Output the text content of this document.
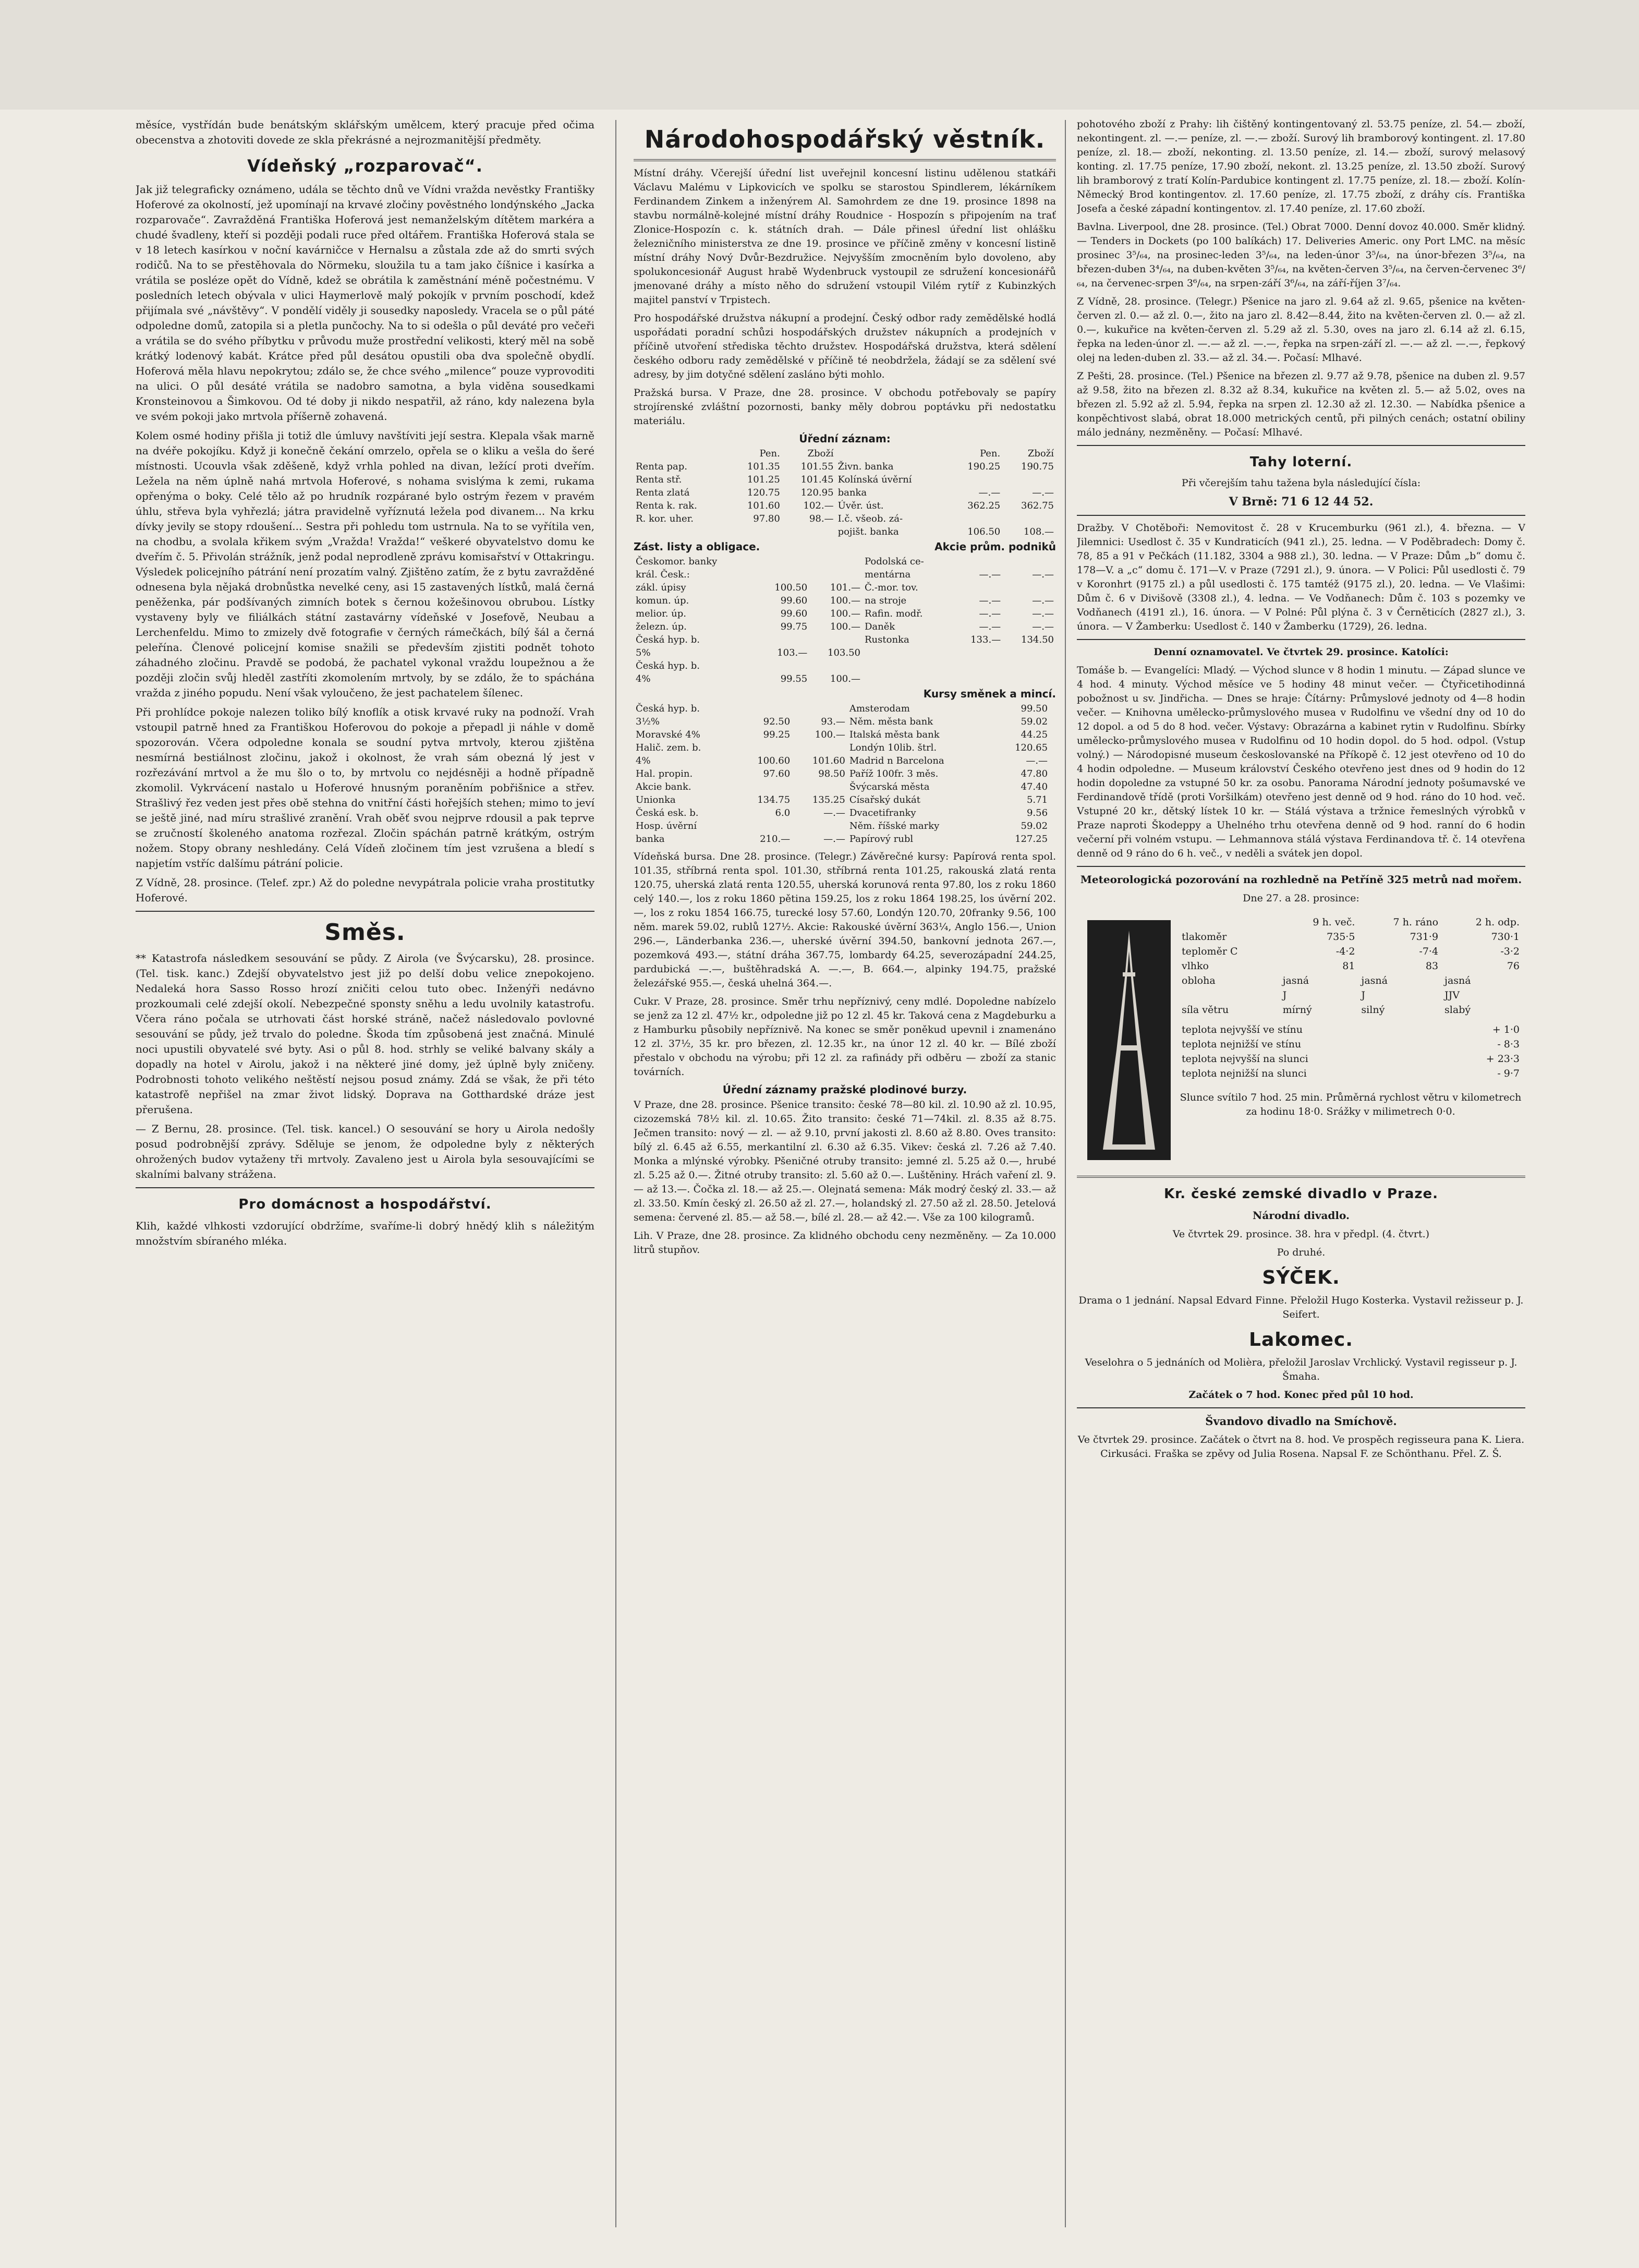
měsíce, vystřídán bude benátským sklářským umělcem, který pracuje před očima obecenstva a zhotoviti dovede ze skla překrásné a nejrozmanitější předměty.

Vídeňský „rozparovač“.

Jak již telegraficky oznámeno, udála se těchto dnů ve Vídni vražda nevěstky Františky Hoferové za okolností, jež upomínají na krvavé zločiny pověstného londýnského „Jacka rozparovače“. Zavražděná Františka Hoferová jest nemanželským dítětem markéra a chudé švadleny, kteří si později podali ruce před oltářem. Františka Hoferová stala se v 18 letech kasírkou v noční kavárničce v Hernalsu a zůstala zde až do smrti svých rodičů. Na to se přestěhovala do Nörmeku, sloužila tu a tam jako číšnice i kasírka a vrátila se posléze opět do Vídně, kdež se obrátila k zaměstnání méně počestnému. V posledních letech obývala v ulici Haymerlově malý pokojík v prvním poschodí, kdež přijímala své „návštěvy“. V pondělí viděly ji sousedky naposledy. Vracela se o půl páté odpoledne domů, zatopila si a pletla punčochy. Na to si odešla o půl deváté pro večeři a vrátila se do svého příbytku v průvodu muže prostřední velikosti, který měl na sobě krátký lodenový kabát. Krátce před půl desátou opustili oba dva společně obydlí. Hoferová měla hlavu nepokrytou; zdálo se, že chce svého „milence“ pouze vyprovoditi na ulici. O půl desáté vrátila se nadobro samotna, a byla viděna sousedkami Kronsteinovou a Šimkovou. Od té doby ji nikdo nespatřil, až ráno, kdy nalezena byla ve svém pokoji jako mrtvola příšerně zohavená.

Kolem osmé hodiny přišla ji totiž dle úmluvy navštíviti její sestra. Klepala však marně na dvéře pokojíku. Když ji konečně čekání omrzelo, opřela se o kliku a vešla do šeré místnosti. Ucouvla však zděšeně, když vrhla pohled na divan, ležící proti dveřím. Ležela na něm úplně nahá mrtvola Hoferové, s nohama svislýma k zemi, rukama opřenýma o boky. Celé tělo až po hrudník rozpárané bylo ostrým řezem v pravém úhlu, střeva byla vyhřezlá; játra pravidelně vyříznutá ležela pod divanem... Na krku dívky jevily se stopy rdoušení... Sestra při pohledu tom ustrnula. Na to se vyřítila ven, na chodbu, a svolala křikem svým „Vražda! Vražda!“ veškeré obyvatelstvo domu ke dveřím č. 5. Přivolán strážník, jenž podal neprodleně zprávu komisařství v Ottakringu. Výsledek policejního pátrání není prozatím valný. Zjištěno zatím, že z bytu zavražděné odnesena byla nějaká drobnůstka nevelké ceny, asi 15 zastavených lístků, malá černá peněženka, pár podšívaných zimních botek s černou kožešinovou obrubou. Lístky vystaveny byly ve filiálkách státní zastavárny vídeňské v Josefově, Neubau a Lerchenfeldu. Mimo to zmizely dvě fotografie v černých rámečkách, bílý šál a černá peleřína. Členové policejní komise snažili se především zjistiti podnět tohoto záhadného zločinu. Pravdě se podobá, že pachatel vykonal vraždu loupežnou a že později zločin svůj hleděl zastříti zkomolením mrtvoly, by se zdálo, že to spáchána vražda z jiného popudu. Není však vyloučeno, že jest pachatelem šílenec.

Při prohlídce pokoje nalezen toliko bílý knoflík a otisk krvavé ruky na podnoží. Vrah vstoupil patrně hned za Františkou Hoferovou do pokoje a přepadl ji náhle v domě spozorován. Včera odpoledne konala se soudní pytva mrtvoly, kterou zjištěna nesmírná bestiálnost zločinu, jakož i okolnost, že vrah sám obezná lý jest v rozřezávání mrtvol a že mu šlo o to, by mrtvolu co nejdésněji a hodně případně zkomolil. Vykrvácení nastalo u Hoferové hnusným poraněním pobřišnice a střev. Strašlivý řez veden jest přes obě stehna do vnitřní části hořejších stehen; mimo to jeví se ještě jiné, nad míru strašlivé zranění. Vrah oběť svou nejprve rdousil a pak teprve se zručností školeného anatoma rozřezal. Zločin spáchán patrně krátkým, ostrým nožem. Stopy obrany neshledány. Celá Vídeň zločinem tím jest vzrušena a bledí s napjetím vstříc dalšímu pátrání policie.

Z Vídně, 28. prosince. (Telef. zpr.) Až do poledne nevypátrala policie vraha prostitutky Hoferové.

Směs.

** Katastrofa následkem sesouvání se půdy. Z Airola (ve Švýcarsku), 28. prosince. (Tel. tisk. kanc.) Zdejší obyvatelstvo jest již po delší dobu velice znepokojeno. Nedaleká hora Sasso Rosso hrozí zničiti celou tuto obec. Inženýři nedávno prozkoumali celé zdejší okolí. Nebezpečné sponsty sněhu a ledu uvolnily katastrofu. Včera ráno počala se utrhovati část horské stráně, načež následovalo povlovné sesouvání se půdy, jež trvalo do poledne. Škoda tím způsobená jest značná. Minulé noci upustili obyvatelé své byty. Asi o půl 8. hod. strhly se veliké balvany skály a dopadly na hotel v Airolu, jakož i na některé jiné domy, jež úplně byly zničeny. Podrobnosti tohoto velikého neštěstí nejsou posud známy. Zdá se však, že při této katastrofě nepřišel na zmar život lidský. Doprava na Gotthardské dráze jest přerušena.

— Z Bernu, 28. prosince. (Tel. tisk. kancel.) O sesouvání se hory u Airola nedošly posud podrobnější zprávy. Sděluje se jenom, že odpoledne byly z některých ohrožených budov vytaženy tři mrtvoly. Zavaleno jest u Airola byla sesouvajícími se skalními balvany strážena.

Pro domácnost a hospodářství.

Klih, každé vlhkosti vzdorující obdržíme, svaříme-li dobrý hnědý klih s náležitým množstvím sbíraného mléka.

Národohospodářský věstník.

Místní dráhy. Včerejší úřední list uveřejnil koncesní listinu udělenou statkáři Václavu Malému v Lipkovicích ve spolku se starostou Spindlerem, lékárníkem Ferdinandem Zinkem a inženýrem Al. Samohrdem ze dne 19. prosince 1898 na stavbu normálně-kolejné místní dráhy Roudnice - Hospozín s připojením na trať Zlonice-Hospozín c. k. státních drah. — Dále přinesl úřední list ohlášku železničního ministerstva ze dne 19. prosince ve příčině změny v koncesní listině místní dráhy Nový Dvůr-Bezdružice. Nejvyšším zmocněním bylo dovoleno, aby spolukoncesionář August hrabě Wydenbruck vystoupil ze sdružení koncesionářů jmenované dráhy a místo něho do sdružení vstoupil Vilém rytíř z Kubinzkých majitel panství v Trpistech.

Pro hospodářské družstva nákupní a prodejní. Český odbor rady zemědělské hodlá uspořádati poradní schůzi hospodářských družstev nákupních a prodejních v příčině utvoření střediska těchto družstev. Hospodářská družstva, která sdělení českého odboru rady zemědělské v příčině té neobdržela, žádají se za sdělení své adresy, by jim dotyčné sdělení zasláno býti mohlo.

Pražská bursa. V Praze, dne 28. prosince. V obchodu potřebovaly se papíry strojírenské zvláštní pozornosti, banky měly dobrou poptávku při nedostatku materiálu.

Úřední záznam:
	Pen.	Zboží		Pen.	Zboží
Renta pap.	101.35	101.55	Živn. banka	190.25	190.75
Renta stř.	101.25	101.45	Kolínská úvěrní		
Renta zlatá	120.75	120.95	banka	—.—	—.—
Renta k. rak.	101.60	102.—	Úvěr. úst.	362.25	362.75
R. kor. uher.	97.80	98.—	I.č. všeob. zá-		
			pojišt. banka	106.50	108.—
Zást. listy a obligace.	Akcie prům. podniků
Českomor. banky			Podolská ce-		
král. Česk.:			mentárna	—.—	—.—
zákl. úpisy	100.50	101.—	Č.-mor. tov.		
komun. úp.	99.60	100.—	na stroje	—.—	—.—
melior. úp.	99.60	100.—	Rafin. modř.	—.—	—.—
železn. úp.	99.75	100.—	Daněk	—.—	—.—
Česká hyp. b.			Rustonka	133.—	134.50
5%	103.—	103.50			
Česká hyp. b.					
4%	99.55	100.—			
Kursy směnek a mincí.
Česká hyp. b.			Amsterodam	99.50	
3½%	92.50	93.—	Něm. města bank	59.02	
Moravské 4%	99.25	100.—	Italská města bank	44.25	
Halič. zem. b.			Londýn 10lib. štrl.	120.65	
4%	100.60	101.60	Madrid n Barcelona	—.—	
Hal. propin.	97.60	98.50	Paříž 100fr. 3 měs.	47.80	
Akcie bank.			Švýcarská města	47.40	
Unionka	134.75	135.25	Císařský dukát	5.71	
Česká esk. b.	6.0	—.—	Dvacetifranky	9.56	
Hosp. úvěrní			Něm. říšské marky	59.02	
banka	210.—	—.—	Papírový rubl	127.25	

Vídeňská bursa. Dne 28. prosince. (Telegr.) Závěrečné kursy: Papírová renta spol. 101.35, stříbrná renta spol. 101.30, stříbrná renta 101.25, rakouská zlatá renta 120.75, uherská zlatá renta 120.55, uherská korunová renta 97.80, los z roku 1860 celý 140.—, los z roku 1860 pětina 159.25, los z roku 1864 198.25, los úvěrní 202.—, los z roku 1854 166.75, turecké losy 57.60, Londýn 120.70, 20franky 9.56, 100 něm. marek 59.02, rublů 127½. Akcie: Rakouské úvěrní 363¼, Anglo 156.—, Union 296.—, Länderbanka 236.—, uherské úvěrní 394.50, bankovní jednota 267.—, pozemková 493.—, státní dráha 367.75, lombardy 64.25, severozápadní 244.25, pardubická —.—, buštěhradská A. —.—, B. 664.—, alpinky 194.75, pražské železářské 955.—, česká uhelná 364.—.

Cukr. V Praze, 28. prosince. Směr trhu nepříznivý, ceny mdlé. Dopoledne nabízelo se jenž za 12 zl. 47½ kr., odpoledne již po 12 zl. 45 kr. Taková cena z Magdeburku a z Hamburku působily nepříznivě. Na konec se směr poněkud upevnil i znamenáno 12 zl. 37½, 35 kr. pro březen, zl. 12.35 kr., na únor 12 zl. 40 kr. — Bílé zboží přestalo v obchodu na výrobu; při 12 zl. za rafinády při odběru — zboží za stanic továrních.

Úřední záznamy pražské plodinové burzy.

V Praze, dne 28. prosince. Pšenice transito: české 78—80 kil. zl. 10.90 až zl. 10.95, cizozemská 78½ kil. zl. 10.65. Žito transito: české 71—74kil. zl. 8.35 až 8.75. Ječmen transito: nový — zl. — až 9.10, první jakosti zl. 8.60 až 8.80. Oves transito: bílý zl. 6.45 až 6.55, merkantilní zl. 6.30 až 6.35. Vikev: česká zl. 7.26 až 7.40. Monka a mlýnské výrobky. Pšeničné otruby transito: jemné zl. 5.25 až 0.—, hrubé zl. 5.25 až 0.—. Žitné otruby transito: zl. 5.60 až 0.—. Luštěniny. Hrách vaření zl. 9.— až 13.—. Čočka zl. 18.— až 25.—. Olejnatá semena: Mák modrý český zl. 33.— až zl. 33.50. Kmín český zl. 26.50 až zl. 27.—, holandský zl. 27.50 až zl. 28.50. Jetelová semena: červené zl. 85.— až 58.—, bílé zl. 28.— až 42.—. Vše za 100 kilogramů.

Lih. V Praze, dne 28. prosince. Za klidného obchodu ceny nezměněny. — Za 10.000 litrů stupňov.

pohotového zboží z Prahy: lih čištěný kontingentovaný zl. 53.75 peníze, zl. 54.— zboží, nekontingent. zl. —.— peníze, zl. —.— zboží. Surový lih bramborový kontingent. zl. 17.80 peníze, zl. 18.— zboží, nekonting. zl. 13.50 peníze, zl. 14.— zboží, surový melasový konting. zl. 17.75 peníze, 17.90 zboží, nekont. zl. 13.25 peníze, zl. 13.50 zboží. Surový lih bramborový z tratí Kolín-Pardubice kontingent zl. 17.75 peníze, zl. 18.— zboží. Kolín-Německý Brod kontingentov. zl. 17.60 peníze, zl. 17.75 zboží, z dráhy cís. Františka Josefa a české západní kontingentov. zl. 17.40 peníze, zl. 17.60 zboží.

Bavlna. Liverpool, dne 28. prosince. (Tel.) Obrat 7000. Denní dovoz 40.000. Směr klidný. — Tenders in Dockets (po 100 balíkách) 17. Deliveries Americ. ony Port LMC. na měsíc prosinec 3⁵/₆₄, na prosinec-leden 3⁵/₆₄, na leden-únor 3⁵/₆₄, na únor-březen 3⁵/₆₄, na březen-duben 3⁴/₆₄, na duben-květen 3⁵/₆₄, na květen-červen 3⁵/₆₄, na červen-červenec 3⁶/₆₄, na červenec-srpen 3⁶/₆₄, na srpen-září 3⁶/₆₄, na září-říjen 3⁷/₆₄.

Z Vídně, 28. prosince. (Telegr.) Pšenice na jaro zl. 9.64 až zl. 9.65, pšenice na květen-červen zl. 0.— až zl. 0.—, žito na jaro zl. 8.42—8.44, žito na květen-červen zl. 0.— až zl. 0.—, kukuřice na květen-červen zl. 5.29 až zl. 5.30, oves na jaro zl. 6.14 až zl. 6.15, řepka na leden-únor zl. —.— až zl. —.—, řepka na srpen-září zl. —.— až zl. —.—, řepkový olej na leden-duben zl. 33.— až zl. 34.—. Počasí: Mlhavé.

Z Pešti, 28. prosince. (Tel.) Pšenice na březen zl. 9.77 až 9.78, pšenice na duben zl. 9.57 až 9.58, žito na březen zl. 8.32 až 8.34, kukuřice na květen zl. 5.— až 5.02, oves na březen zl. 5.92 až zl. 5.94, řepka na srpen zl. 12.30 až zl. 12.30. — Nabídka pšenice a konpěchtivost slabá, obrat 18.000 metrických centů, při pilných cenách; ostatní obiliny málo jednány, nezměněny. — Počasí: Mlhavé.

Tahy loterní.

Při včerejším tahu tažena byla následující čísla:

V Brně: 71 6 12 44 52.

Dražby. V Chotěboři: Nemovitost č. 28 v Krucemburku (961 zl.), 4. března. — V Jilemnici: Usedlost č. 35 v Kundraticích (941 zl.), 25. ledna. — V Poděbradech: Domy č. 78, 85 a 91 v Pečkách (11.182, 3304 a 988 zl.), 30. ledna. — V Praze: Dům „b“ domu č. 178—V. a „c“ domu č. 171—V. v Praze (7291 zl.), 9. února. — V Polici: Půl usedlosti č. 79 v Koronhrt (9175 zl.) a půl usedlosti č. 175 tamtéž (9175 zl.), 20. ledna. — Ve Vlašimi: Dům č. 6 v Divišově (3308 zl.), 4. ledna. — Ve Vodňanech: Dům č. 103 s pozemky ve Vodňanech (4191 zl.), 16. února. — V Polné: Půl plýna č. 3 v Černěticích (2827 zl.), 3. února. — V Žamberku: Usedlost č. 140 v Žamberku (1729), 26. ledna.

Denní oznamovatel. Ve čtvrtek 29. prosince. Katolíci:

Tomáše b. — Evangelíci: Mladý. — Východ slunce v 8 hodin 1 minutu. — Západ slunce ve 4 hod. 4 minuty. Východ měsíce ve 5 hodiny 48 minut večer. — Čtyřicetihodinná pobožnost u sv. Jindřicha. — Dnes se hraje: Čítárny: Průmyslové jednoty od 4—8 hodin večer. — Knihovna umělecko-průmyslového musea v Rudolfinu ve všední dny od 10 do 12 dopol. a od 5 do 8 hod. večer. Výstavy: Obrazárna a kabinet rytin v Rudolfinu. Sbírky umělecko-průmyslového musea v Rudolfinu od 10 hodin dopol. do 5 hod. odpol. (Vstup volný.) — Národopisné museum českoslovanské na Příkopě č. 12 jest otevřeno od 10 do 4 hodin odpoledne. — Museum království Českého otevřeno jest dnes od 9 hodin do 12 hodin dopoledne za vstupné 50 kr. za osobu. Panorama Národní jednoty pošumavské ve Ferdinandově třídě (proti Voršilkám) otevřeno jest denně od 9 hod. ráno do 10 hod. več. Vstupné 20 kr., dětský lístek 10 kr. — Stálá výstava a tržnice řemeslných výrobků v Praze naproti Škodeppy a Uhelného trhu otevřena denně od 9 hod. ranní do 6 hodin večerní při volném vstupu. — Lehmannova stálá výstava Ferdinandova tř. č. 14 otevřena denně od 9 ráno do 6 h. več., v neděli a svátek jen dopol.

Meteorologická pozorování na rozhledně na Petříně 325 metrů nad mořem.

Dne 27. a 28. prosince:

	9 h. več.	7 h. ráno	2 h. odp.
tlakoměr	735·5	731·9	730·1
teploměr C	-4·2	-7·4	-3·2
vlhko	81	83	76
obloha	jasná	jasná	jasná
	J	J	JJV
síla větru	mírný	silný	slabý
teplota nejvyšší ve stínu	+ 1·0
teplota nejnižší ve stínu	- 8·3
teplota nejvyšší na slunci	+ 23·3
teplota nejnižší na slunci	- 9·7

Slunce svítilo 7 hod. 25 min. Průměrná rychlost větru v kilometrech za hodinu 18·0. Srážky v milimetrech 0·0.

Kr. české zemské divadlo v Praze.

Národní divadlo.

Ve čtvrtek 29. prosince. 38. hra v předpl. (4. čtvrt.)

Po druhé.

SÝČEK.

Drama o 1 jednání. Napsal Edvard Finne. Přeložil Hugo Kosterka. Vystavil režisseur p. J. Seifert.

Lakomec.

Veselohra o 5 jednáních od Molièra, přeložil Jaroslav Vrchlický. Vystavil regisseur p. J. Šmaha.

Začátek o 7 hod. Konec před půl 10 hod.

Švandovo divadlo na Smíchově.

Ve čtvrtek 29. prosince. Začátek o čtvrt na 8. hod. Ve prospěch regisseura pana K. Liera. Cirkusáci. Fraška se zpěvy od Julia Rosena. Napsal F. ze Schönthanu. Přel. Z. Š.
